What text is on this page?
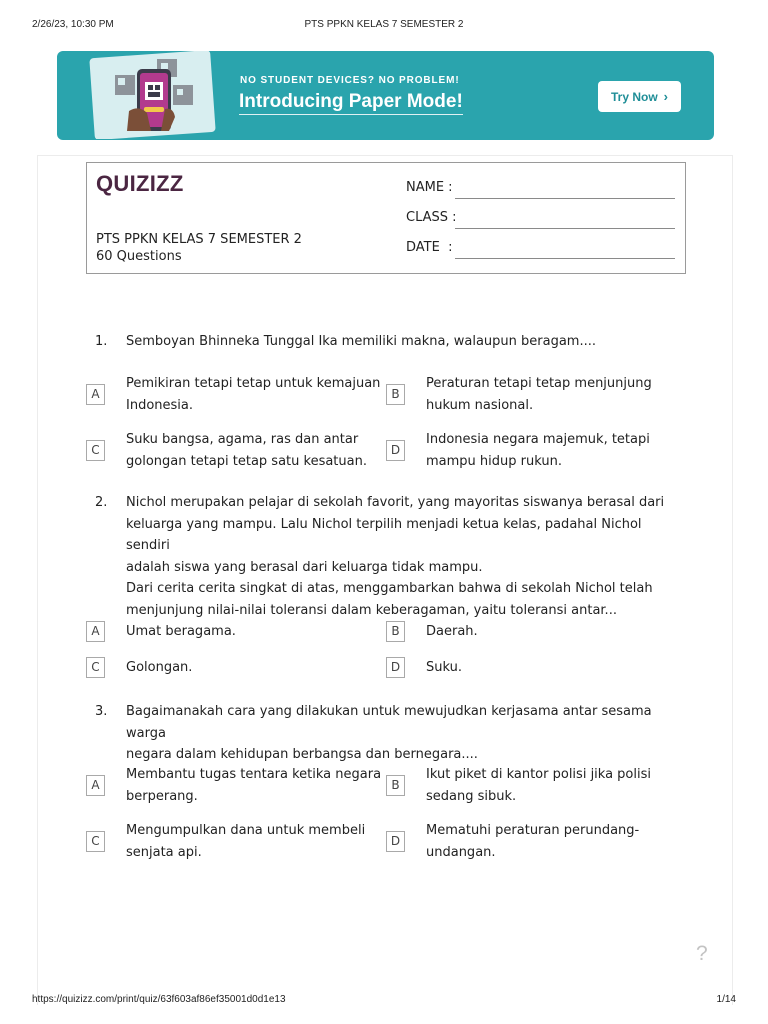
2/26/23, 10:30 PM	PTS PPKN KELAS 7 SEMESTER 2
NO STUDENT DEVICES? NO PROBLEM!
Introducing Paper Mode!	Try Now ›
QUIZIZZ
PTS PPKN KELAS 7 SEMESTER 2
60 Questions
NAME :
CLASS :
DATE  :
1. Semboyan Bhinneka Tunggal Ika memiliki makna, walaupun beragam....
A
Pemikiran tetapi tetap untuk kemajuan
Indonesia.
B
Peraturan tetapi tetap menjunjung
hukum nasional.
C
Suku bangsa, agama, ras dan antar
golongan tetapi tetap satu kesatuan.
D
Indonesia negara majemuk, tetapi
mampu hidup rukun.
2. Nichol merupakan pelajar di sekolah favorit, yang mayoritas siswanya berasal dari
keluarga yang mampu. Lalu Nichol terpilih menjadi ketua kelas, padahal Nichol sendiri
adalah siswa yang berasal dari keluarga tidak mampu.
Dari cerita cerita singkat di atas, menggambarkan bahwa di sekolah Nichol telah
menjunjung nilai-nilai toleransi dalam keberagaman, yaitu toleransi antar...
A	Umat beragama.	B	Daerah.
C	Golongan.	D	Suku.
3. Bagaimanakah cara yang dilakukan untuk mewujudkan kerjasama antar sesama warga
negara dalam kehidupan berbangsa dan bernegara....
A
Membantu tugas tentara ketika negara
berperang.
B
Ikut piket di kantor polisi jika polisi
sedang sibuk.
C
Mengumpulkan dana untuk membeli
senjata api.
D
Mematuhi peraturan perundang-
undangan.
?
https://quizizz.com/print/quiz/63f603af86ef35001d0d1e13	1/14
